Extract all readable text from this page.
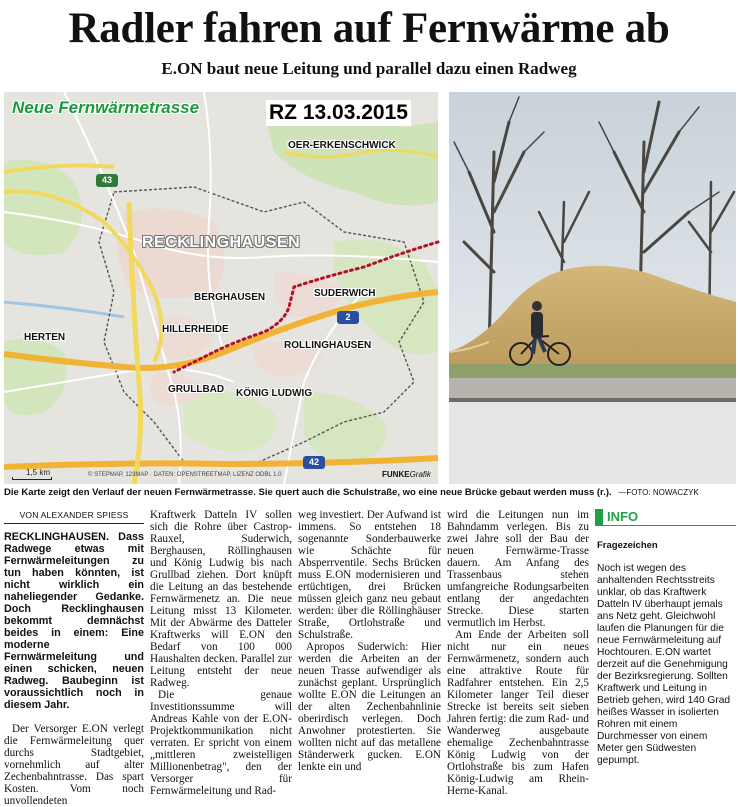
Radler fahren auf Fernwärme ab
E.ON baut neue Leitung und parallel dazu einen Radweg
Neue Fernwärmetrasse	RZ 13.03.2015
OER-ERKENSCHWICK
RECKLINGHAUSEN
BERGHAUSEN	SUDERWICH
HERTEN
HILLERHEIDE
ROLLINGHAUSEN
GRULLBAD KÖNIG LUDWIG
43
2
42
1,5 km	© STEPMAP, 123MAP · DATEN: OPENSTREETMAP, LIZENZ ODBL 1.0	FUNKEGrafik
Die Karte zeigt den Verlauf der neuen Fernwärmetrasse. Sie quert auch die Schulstraße, wo eine neue Brücke gebaut werden muss (r.). —FOTO: NOWACZYK
VON ALEXANDER SPIESS

RECKLINGHAUSEN. Dass Radwege etwas mit Fernwärmeleitungen zu tun haben könnten, ist nicht wirklich ein naheliegender Gedanke. Doch Recklinghausen bekommt demnächst beides in einem: Eine moderne Fernwärmeleitung und einen schicken, neuen Radweg. Baubeginn ist voraussichtlich noch in diesem Jahr.

Der Versorger E.ON verlegt die Fernwärmeleitung quer durchs Stadtgebiet, vornehmlich auf alter Zechenbahntrasse. Das spart Kosten. Vom noch unvollendeten

Kraftwerk Datteln IV sollen sich die Rohre über Castrop-Rauxel, Suderwich, Berghausen, Röllinghausen und König Ludwig bis nach Grullbad ziehen. Dort knüpft die Leitung an das bestehende Fernwärmenetz an. Die neue Leitung misst 13 Kilometer. Mit der Abwärme des Datteler Kraftwerks will E.ON den Bedarf von 100 000 Haushalten decken. Parallel zur Leitung entsteht der neue Radweg.

Die genaue Investitionssumme will Andreas Kahle von der E.ON-Projektkommunikation nicht verraten. Er spricht von einem „mittleren zweistelligen Millionenbetrag", den der Versorger für Fernwärmeleitung und Rad-

weg investiert. Der Aufwand ist immens. So entstehen 18 sogenannte Sonderbauwerke wie Schächte für Absperrventile. Sechs Brücken muss E.ON modernisieren und ertüchtigen, drei Brücken müssen gleich ganz neu gebaut werden: über die Röllinghäuser Straße, Ortlohstraße und Schulstraße.

Apropos Suderwich: Hier werden die Arbeiten an der neuen Trasse aufwendiger als zunächst geplant. Ursprünglich wollte E.ON die Leitungen an der alten Zechenbahnlinie oberirdisch verlegen. Doch Anwohner protestierten. Sie wollten nicht auf das metallene Ständerwerk gucken. E.ON lenkte ein und

wird die Leitungen nun im Bahndamm verlegen. Bis zu zwei Jahre soll der Bau der neuen Fernwärme-Trasse dauern. Am Anfang des Trassenbaus stehen umfangreiche Rodungsarbeiten entlang der angedachten Strecke. Diese starten vermutlich im Herbst.

Am Ende der Arbeiten soll nicht nur ein neues Fernwärmenetz, sondern auch eine attraktive Route für Radfahrer entstehen. Ein 2,5 Kilometer langer Teil dieser Strecke ist bereits seit sieben Jahren fertig: die zum Rad- und Wanderweg ausgebaute ehemalige Zechenbahntrasse König Ludwig von der Ortlohstraße bis zum Hafen König-Ludwig am Rhein-Herne-Kanal.

INFO
Fragezeichen

Noch ist wegen des anhaltenden Rechtsstreits unklar, ob das Kraftwerk Datteln IV überhaupt jemals ans Netz geht. Gleichwohl laufen die Planungen für die neue Fernwärmeleitung auf Hochtouren. E.ON wartet derzeit auf die Genehmigung der Bezirksregierung. Sollten Kraftwerk und Leitung in Betrieb gehen, wird 140 Grad heißes Wasser in isolierten Rohren mit einem Durchmesser von einem Meter gen Südwesten gepumpt.
